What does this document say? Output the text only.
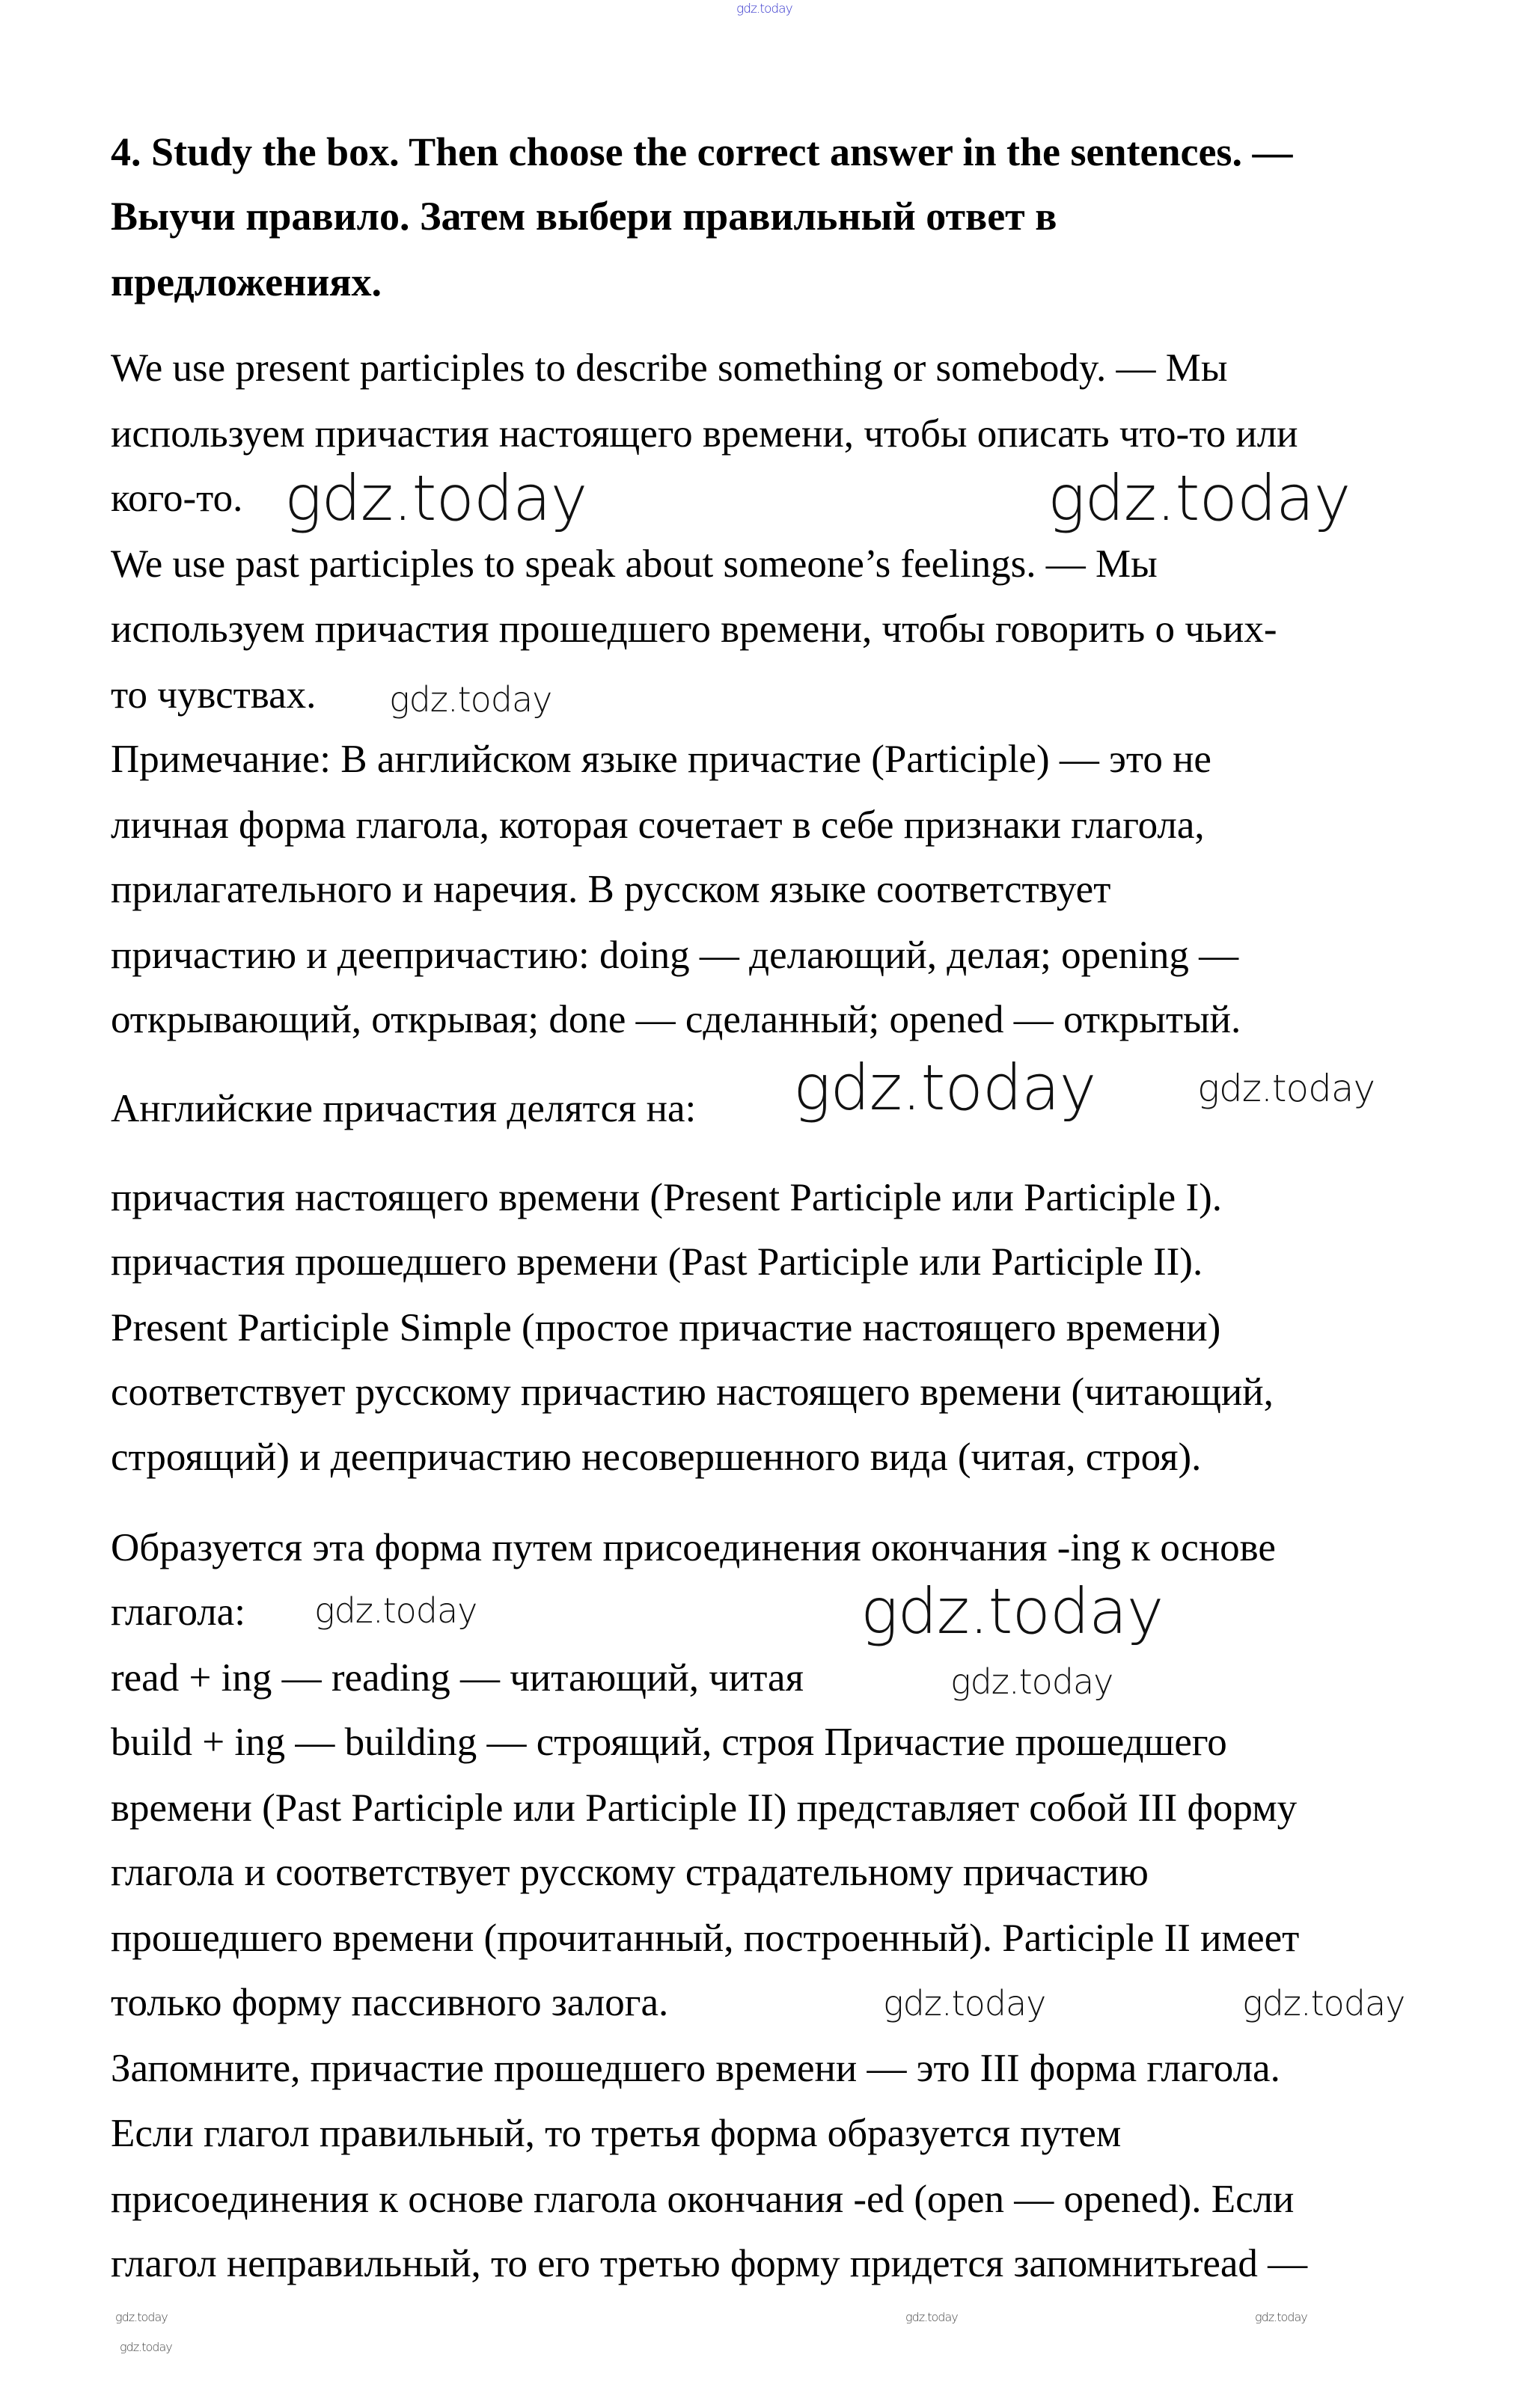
4. Study the box. Then choose the correct answer in the sentences. —
Выучи правило. Затем выбери правильный ответ в
предложениях.
We use present participles to describe something or somebody. — Мы
используем причастия настоящего времени, чтобы описать что-то или
кого-то.
We use past participles to speak about someone’s feelings. — Мы
используем причастия прошедшего времени, чтобы говорить о чьих-
то чувствах.
Примечание: В английском языке причастие (Participle) — это не
личная форма глагола, которая сочетает в себе признаки глагола,
прилагательного и наречия. В русском языке соответствует
причастию и деепричастию: doing — делающий, делая; opening —
открывающий, открывая; done — сделанный; opened — открытый.
Английские причастия делятся на:
причастия настоящего времени (Present Participle или Participle I).
причастия прошедшего времени (Past Participle или Participle II).
Present Participle Simple (простое причастие настоящего времени)
соответствует русскому причастию настоящего времени (читающий,
строящий) и деепричастию несовершенного вида (читая, строя).
Образуется эта форма путем присоединения окончания -ing к основе
глагола:
read + ing — reading — читающий, читая
build + ing — building — строящий, строя Причастие прошедшего
времени (Past Participle или Participle II) представляет собой III форму
глагола и соответствует русскому страдательному причастию
прошедшего времени (прочитанный, построенный). Participle II имеет
только форму пассивного залога.
Запомните, причастие прошедшего времени — это III форма глагола.
Если глагол правильный, то третья форма образуется путем
присоединения к основе глагола окончания -ed (open — opened). Если
глагол неправильный, то его третью форму придется запомнитьread —
gdz.today
gdz.today	gdz.today
gdz.today	gdz.today
gdz.today
gdz.today	gdz.today
gdz.today
gdz.today	gdz.today
gdz.today
gdz.today
gdz.today	gdz.today
